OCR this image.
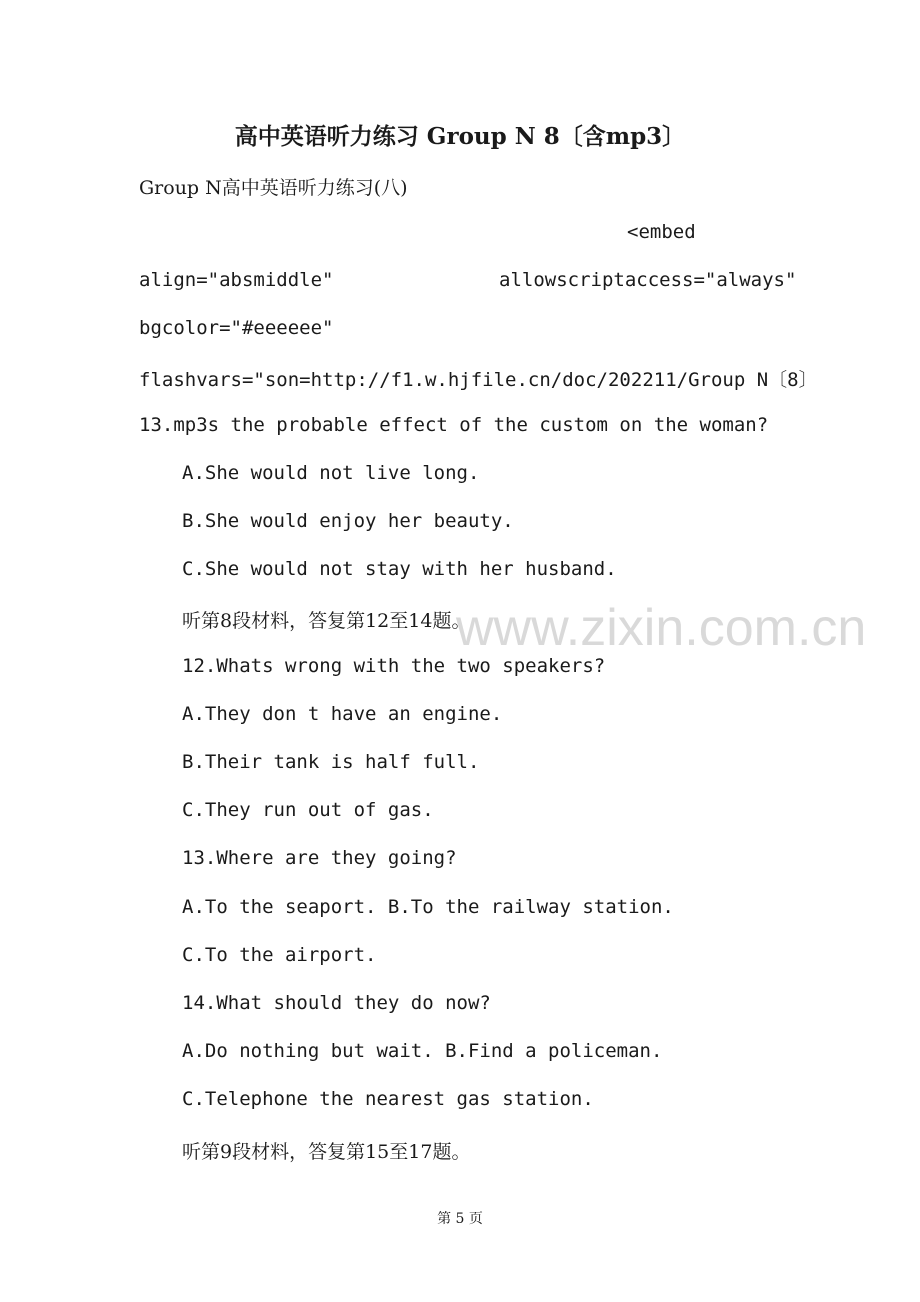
高中英语听力练习 Group N 8〔含mp3〕

Group N高中英语听力练习(八)

<embed

align="absmiddle"	allowscriptaccess="always"

bgcolor="#eeeeee"

flashvars="son=http://f1.w.hjfile.cn/doc/202211/Group N〔8〕

13.mp3s the probable effect of the custom on the woman?

A.She would not live long.

B.She would enjoy her beauty.

C.She would not stay with her husband.

听第8段材料，答复第12至14题。

12.Whats wrong with the two speakers?

A.They don t have an engine.

B.Their tank is half full.

C.They run out of gas.

13.Where are they going?

A.To the seaport. B.To the railway station.

C.To the airport.

14.What should they do now?

A.Do nothing but wait. B.Find a policeman.

C.Telephone the nearest gas station.

听第9段材料，答复第15至17题。

第 5 页

www.zixin.com.cn
